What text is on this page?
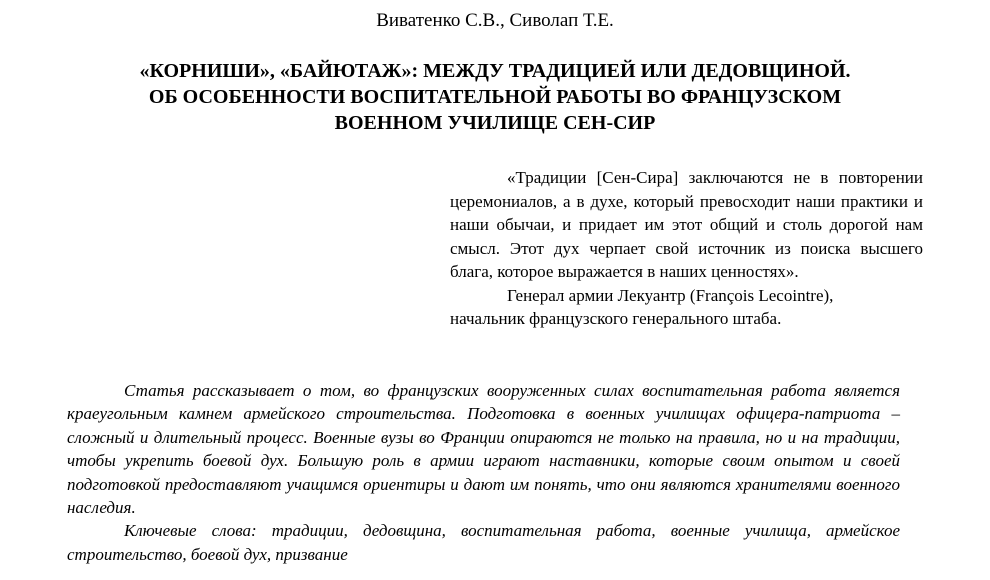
Виватенко С.В., Сиволап Т.Е.
«КОРНИШИ», «БАЙЮТАЖ»: МЕЖДУ ТРАДИЦИЕЙ ИЛИ ДЕДОВЩИНОЙ.
ОБ ОСОБЕННОСТИ ВОСПИТАТЕЛЬНОЙ РАБОТЫ ВО ФРАНЦУЗСКОМ
ВОЕННОМ УЧИЛИЩЕ СЕН-СИР

«Традиции [Сен-Сира] заключаются не в повторении церемониалов, а в духе, который превосходит наши практики и наши обычаи, и придает им этот общий и столь дорогой нам смысл. Этот дух черпает свой источник из поиска высшего блага, которое выражается в наших ценностях».

Генерал армии Лекуантр (François Lecointre),

начальник французского генерального штаба.

Статья рассказывает о том, во французских вооруженных силах воспитательная работа является краеугольным камнем армейского строительства. Подготовка в военных училищах офицера-патриота – сложный и длительный процесс. Военные вузы во Франции опираются не только на правила, но и на традиции, чтобы укрепить боевой дух. Большую роль в армии играют наставники, которые своим опытом и своей подготовкой предоставляют учащимся ориентиры и дают им понять, что они являются хранителями военного наследия.

Ключевые слова: традиции, дедовщина, воспитательная работа, военные училища, армейское строительство, боевой дух, призвание
